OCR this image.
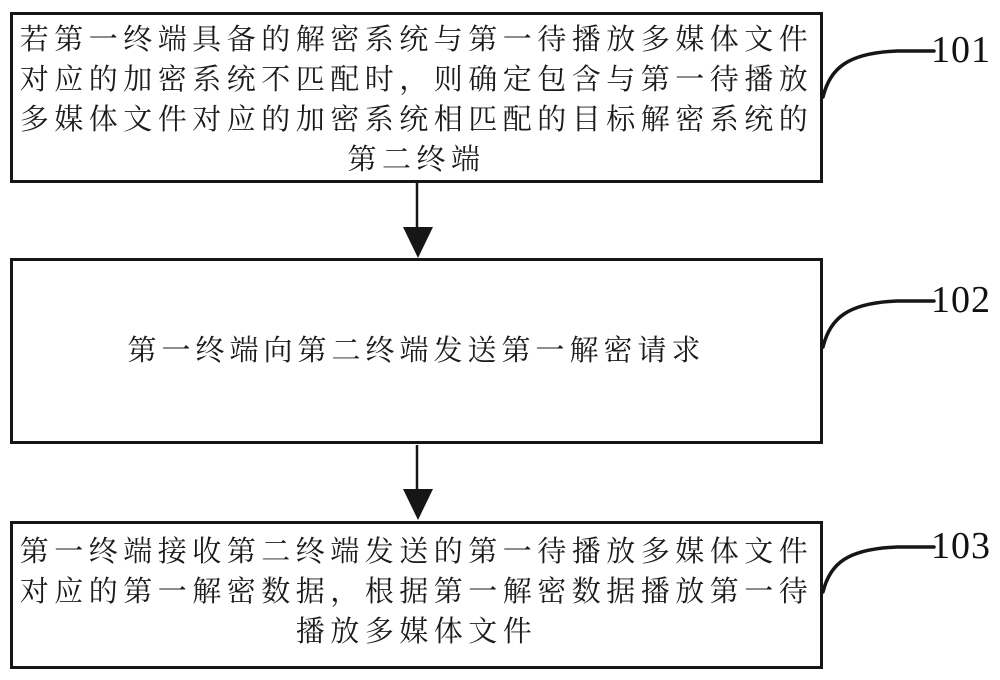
若第一终端具备的解密系统与第一待播放多媒体文件
对应的加密系统不匹配时，则确定包含与第一待播放
多媒体文件对应的加密系统相匹配的目标解密系统的
第二终端
第一终端向第二终端发送第一解密请求
第一终端接收第二终端发送的第一待播放多媒体文件
对应的第一解密数据，根据第一解密数据播放第一待
播放多媒体文件
101
102
103
